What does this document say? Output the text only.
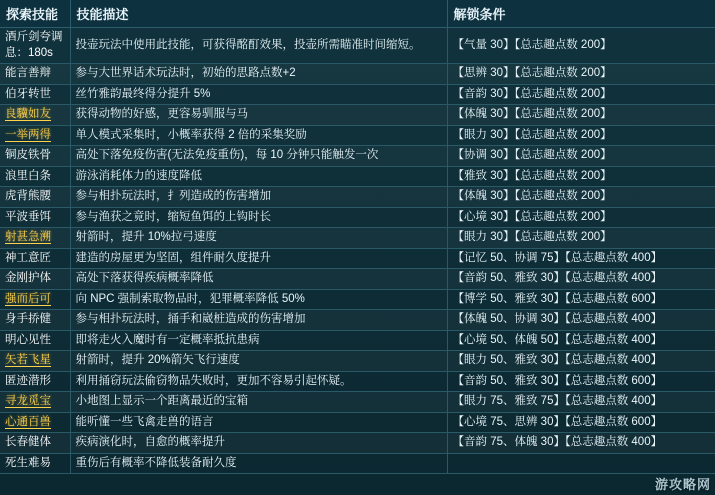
探索技能	技能描述	解锁条件
酒斤剑夸调息：180s	投壶玩法中使用此技能，可获得酩酊效果，投壶所需瞄准时间缩短。	【气量 30】【总志趣点数 200】

能言善辩	参与大世界话术玩法时，初始的思路点数+2	【思辨 30】【总志趣点数 200】

伯牙转世	丝竹雅韵最终得分提升 5%	【音韵 30】【总志趣点数 200】

良驥如友	获得动物的好感，更容易驯服与马	【体魄 30】【总志趣点数 200】

一举两得	单人模式采集时，小概率获得 2 倍的采集奖励	【眼力 30】【总志趣点数 200】

铜皮铁骨	高处下落免疫伤害(无法免疫重伤)，每 10 分钟只能触发一次	【协调 30】【总志趣点数 200】

浪里白条	游泳消耗体力的速度降低	【雅致 30】【总志趣点数 200】

虎背熊腰	参与相扑玩法时，扌列造成的伤害增加	【体魄 30】【总志趣点数 200】

平波垂饵	参与渔获之竟时，缩短鱼饵的上钩时长	【心境 30】【总志趣点数 200】

射甚急溯	射箭时，提升 10%拉弓速度	【眼力 30】【总志趣点数 200】

神工意匠	建造的房屋更为坚固，组件耐久度提升	【记忆 50、协调 75】【总志趣点数 400】

金刚护体	高处下落获得疾病概率降低	【音韵 50、雅致 30】【总志趣点数 400】

强而后可	向 NPC 强制索取物品时，犯罪概率降低 50%	【博学 50、雅致 30】【总志趣点数 600】

身手挢健	参与相扑玩法时，捅手和崴桩造成的伤害增加	【体魄 50、协调 30】【总志趣点数 400】

明心见性	即将走火入魔时有一定概率抵抗患病	【心境 50、体魄 50】【总志趣点数 400】

矢若飞星	射箭时，提升 20%箭矢飞行速度	【眼力 50、雅致 30】【总志趣点数 400】

匿迹潜形	利用捅窃玩法偷窃物品失败时，更加不容易引起怀疑。	【音韵 50、雅致 30】【总志趣点数 600】

寻龙觅宝	小地图上显示一个距离最近的宝箱	【眼力 75、雅致 75】【总志趣点数 400】

心通百兽	能听懂一些飞禽走兽的语言	【心境 75、思辨 30】【总志趣点数 600】

长春健体	疾病演化时，自愈的概率提升	【音韵 75、体魄 30】【总志趣点数 400】

死生难易	重伤后有概率不降低装备耐久度	

游攻略网
